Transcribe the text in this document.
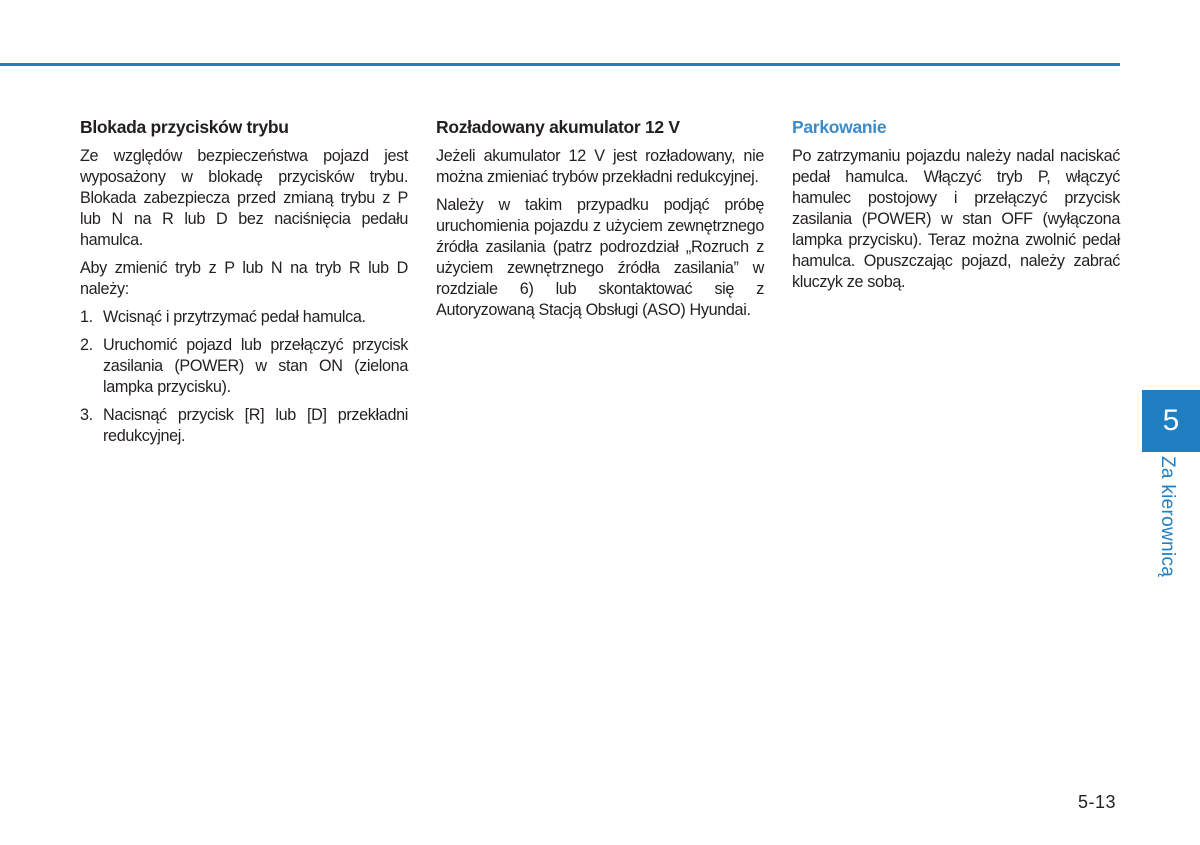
Blokada przycisków trybu

Ze względów bezpieczeństwa pojazd jest wyposażony w blokadę przycisków trybu. Blokada zabezpiecza przed zmianą trybu z P lub N na R lub D bez naciśnięcia pedału hamulca.

Aby zmienić tryb z P lub N na tryb R lub D należy:

1. Wcisnąć i przytrzymać pedał hamulca.
2. Uruchomić pojazd lub przełączyć przycisk zasilania (POWER) w stan ON (zielona lampka przycisku).
3. Nacisnąć przycisk [R] lub [D] przekładni redukcyjnej.
Rozładowany akumulator 12 V

Jeżeli akumulator 12 V jest rozładowany, nie można zmieniać trybów przekładni redukcyjnej.

Należy w takim przypadku podjąć próbę uruchomienia pojazdu z użyciem zewnętrznego źródła zasilania (patrz podrozdział „Rozruch z użyciem zewnętrznego źródła zasilania” w rozdziale 6) lub skontaktować się z Autoryzowaną Stacją Obsługi (ASO) Hyundai.

Parkowanie

Po zatrzymaniu pojazdu należy nadal naciskać pedał hamulca. Włączyć tryb P, włączyć hamulec postojowy i przełączyć przycisk zasilania (POWER) w stan OFF (wyłączona lampka przycisku). Teraz można zwolnić pedał hamulca. Opuszczając pojazd, należy zabrać kluczyk ze sobą.

5
Za kierownicą
5-13
